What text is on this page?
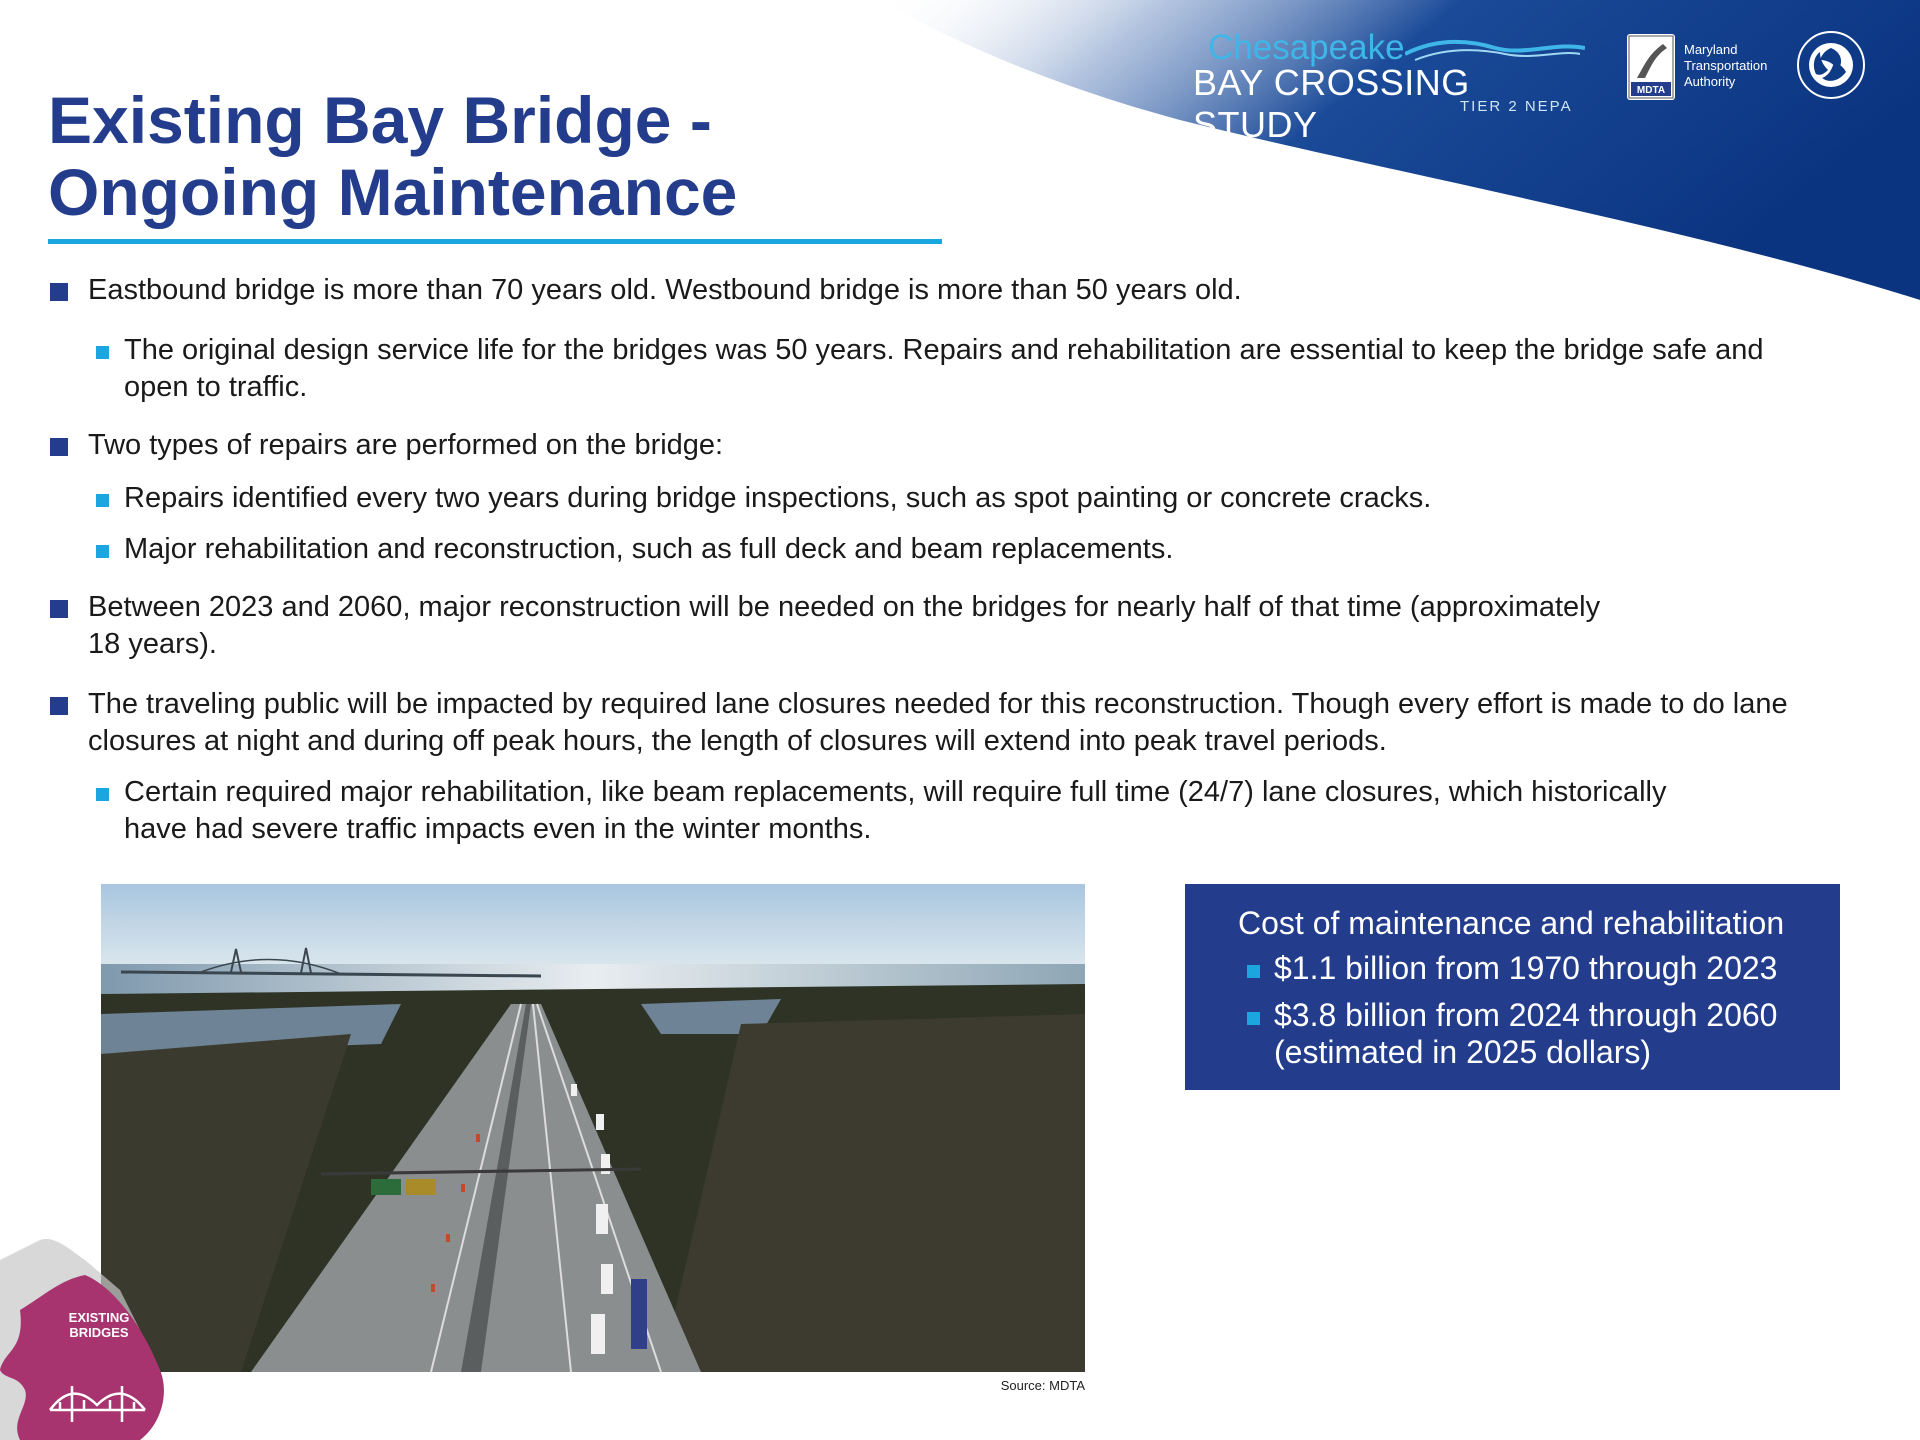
Chesapeake
BAY CROSSING STUDY	TIER 2 NEPA
MDTA
Maryland
Transportation
Authority
Existing Bay Bridge -
Ongoing Maintenance
Eastbound bridge is more than 70 years old. Westbound bridge is more than 50 years old.
The original design service life for the bridges was 50 years. Repairs and rehabilitation are essential to keep the bridge safe and open to traffic.
Two types of repairs are performed on the bridge:
Repairs identified every two years during bridge inspections, such as spot painting or concrete cracks.
Major rehabilitation and reconstruction, such as full deck and beam replacements.
Between 2023 and 2060, major reconstruction will be needed on the bridges for nearly half of that time (approximately 18 years).
The traveling public will be impacted by required lane closures needed for this reconstruction. Though every effort is made to do lane closures at night and during off peak hours, the length of closures will extend into peak travel periods.
Certain required major rehabilitation, like beam replacements, will require full time (24/7) lane closures, which historically have had severe traffic impacts even in the winter months.
Source: MDTA
Cost of maintenance and rehabilitation
$1.1 billion from 1970 through 2023
$3.8 billion from 2024 through 2060 (estimated in 2025 dollars)
EXISTING
BRIDGES
